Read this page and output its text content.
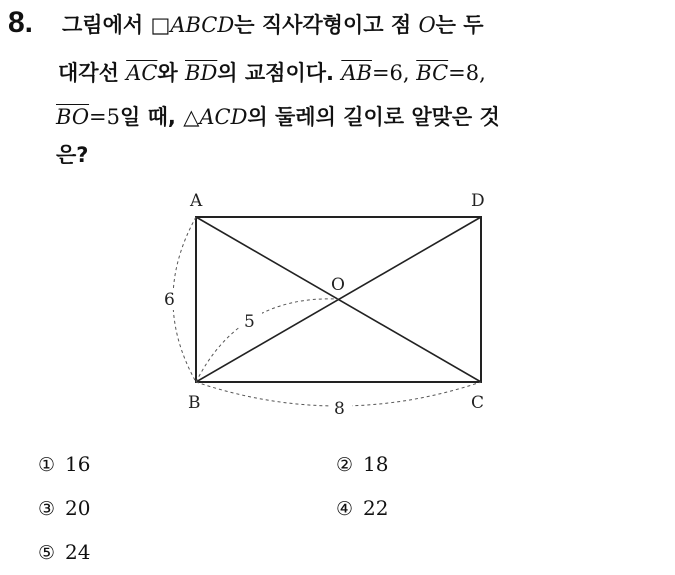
8. 그림에서 □ABCD는 직사각형이고 점 O는 두
대각선 $\overline{AC}$와 $\overline{BD}$의 교점이다. $\overline{AB}=6$, $\overline{BC}=8$,
$\overline{BO}=5$일 때, △ACD의 둘레의 길이로 알맞은 것
은?
A	D
B	C
O
6
5
8
① 16	② 18
③ 20	④ 22
⑤ 24
